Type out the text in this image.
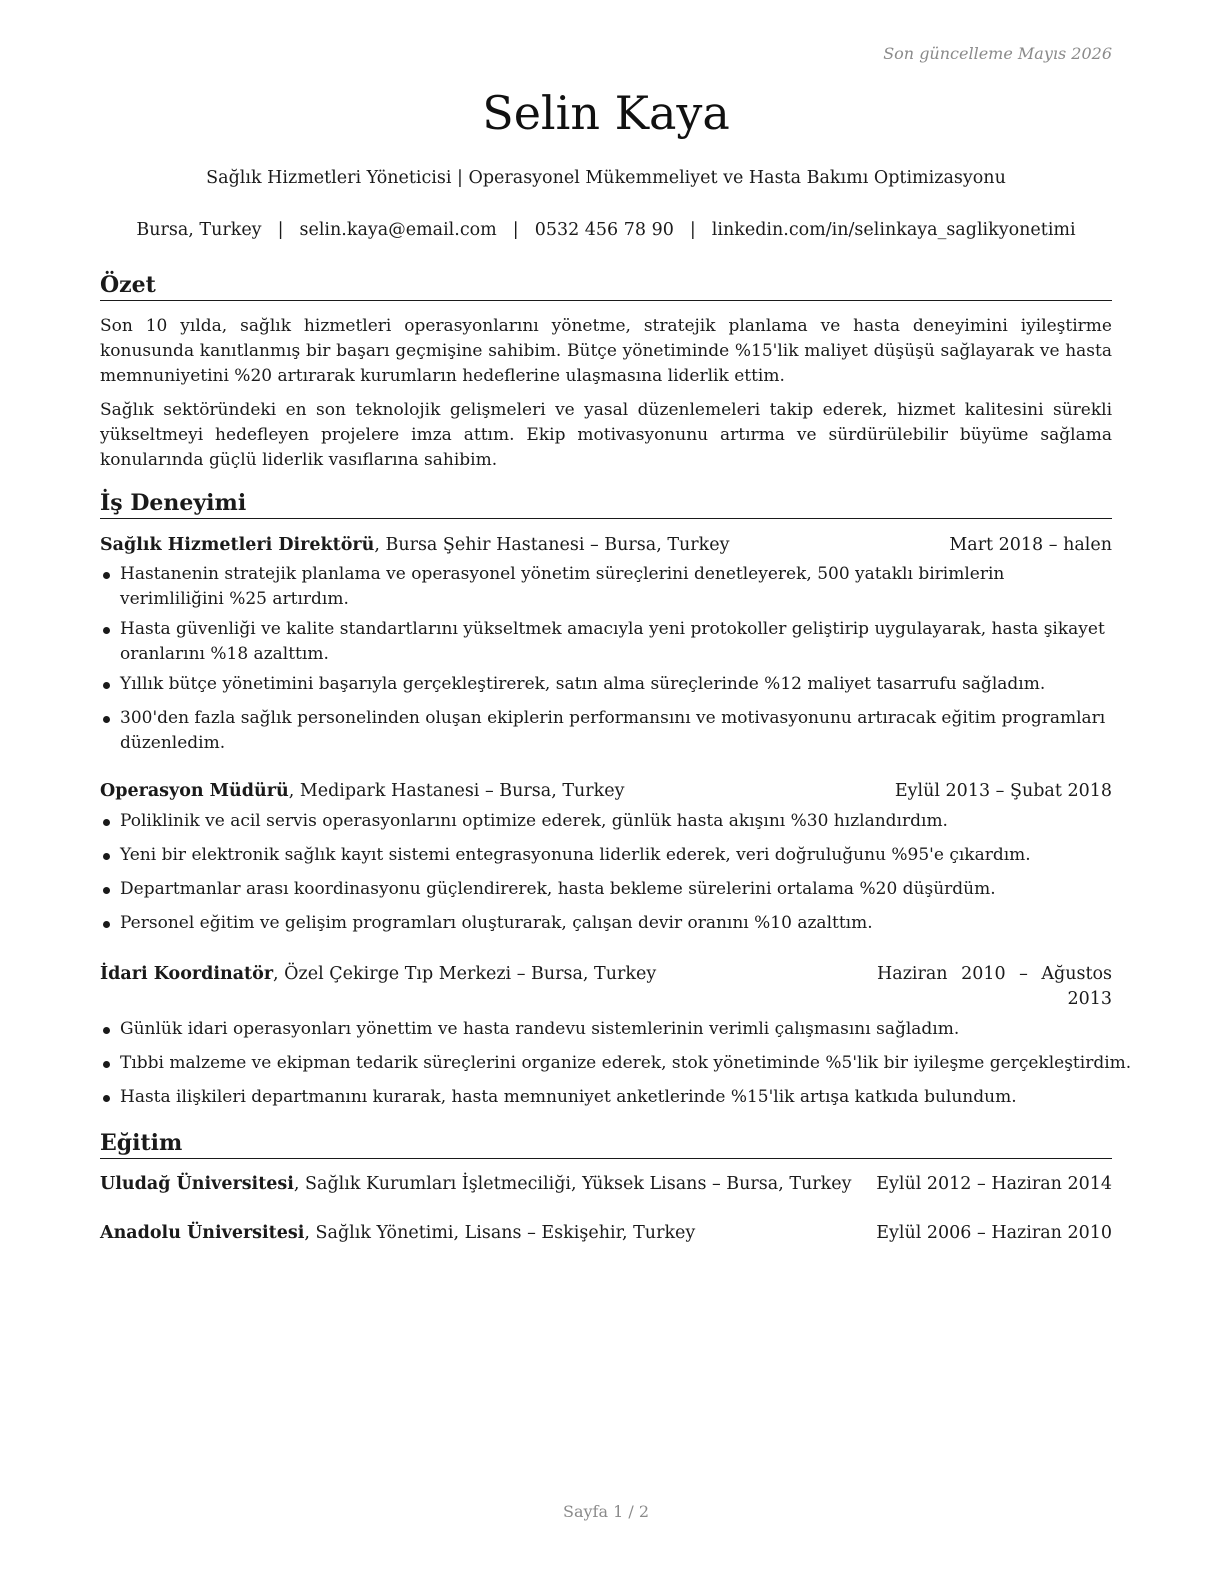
Son güncelleme Mayıs 2026
Selin Kaya
Sağlık Hizmetleri Yöneticisi | Operasyonel Mükemmeliyet ve Hasta Bakımı Optimizasyonu
Bursa, Turkey | selin.kaya@email.com | 0532 456 78 90 | linkedin.com/in/selinkaya_saglikyonetimi
Özet

Son 10 yılda, sağlık hizmetleri operasyonlarını yönetme, stratejik planlama ve hasta deneyimini iyileştirme konusunda kanıtlanmış bir başarı geçmişine sahibim. Bütçe yönetiminde %15'lik maliyet düşüşü sağlayarak ve hasta memnuniyetini %20 artırarak kurumların hedeflerine ulaşmasına liderlik ettim.

Sağlık sektöründeki en son teknolojik gelişmeleri ve yasal düzenlemeleri takip ederek, hizmet kalitesini sürekli yükseltmeyi hedefleyen projelere imza attım. Ekip motivasyonunu artırma ve sürdürülebilir büyüme sağlama konularında güçlü liderlik vasıflarına sahibim.

İş Deneyimi
Sağlık Hizmetleri Direktörü, Bursa Şehir Hastanesi – Bursa, Turkey	Mart 2018 – halen
Hastanenin stratejik planlama ve operasyonel yönetim süreçlerini denetleyerek, 500 yataklı birimlerin verimliliğini %25 artırdım.
Hasta güvenliği ve kalite standartlarını yükseltmek amacıyla yeni protokoller geliştirip uygulayarak, hasta şikayet oranlarını %18 azalttım.
Yıllık bütçe yönetimini başarıyla gerçekleştirerek, satın alma süreçlerinde %12 maliyet tasarrufu sağladım.
300'den fazla sağlık personelinden oluşan ekiplerin performansını ve motivasyonunu artıracak eğitim programları düzenledim.
Operasyon Müdürü, Medipark Hastanesi – Bursa, Turkey	Eylül 2013 – Şubat 2018
Poliklinik ve acil servis operasyonlarını optimize ederek, günlük hasta akışını %30 hızlandırdım.
Yeni bir elektronik sağlık kayıt sistemi entegrasyonuna liderlik ederek, veri doğruluğunu %95'e çıkardım.
Departmanlar arası koordinasyonu güçlendirerek, hasta bekleme sürelerini ortalama %20 düşürdüm.
Personel eğitim ve gelişim programları oluşturarak, çalışan devir oranını %10 azalttım.
İdari Koordinatör, Özel Çekirge Tıp Merkezi – Bursa, Turkey	Haziran 2010 – Ağustos 2013
Günlük idari operasyonları yönettim ve hasta randevu sistemlerinin verimli çalışmasını sağladım.
Tıbbi malzeme ve ekipman tedarik süreçlerini organize ederek, stok yönetiminde %5'lik bir iyileşme gerçekleştirdim.
Hasta ilişkileri departmanını kurarak, hasta memnuniyet anketlerinde %15'lik artışa katkıda bulundum.
Eğitim
Uludağ Üniversitesi, Sağlık Kurumları İşletmeciliği, Yüksek Lisans – Bursa, Turkey Eylül 2012 – Haziran 2014
Anadolu Üniversitesi, Sağlık Yönetimi, Lisans – Eskişehir, Turkey	Eylül 2006 – Haziran 2010
Sayfa 1 / 2
